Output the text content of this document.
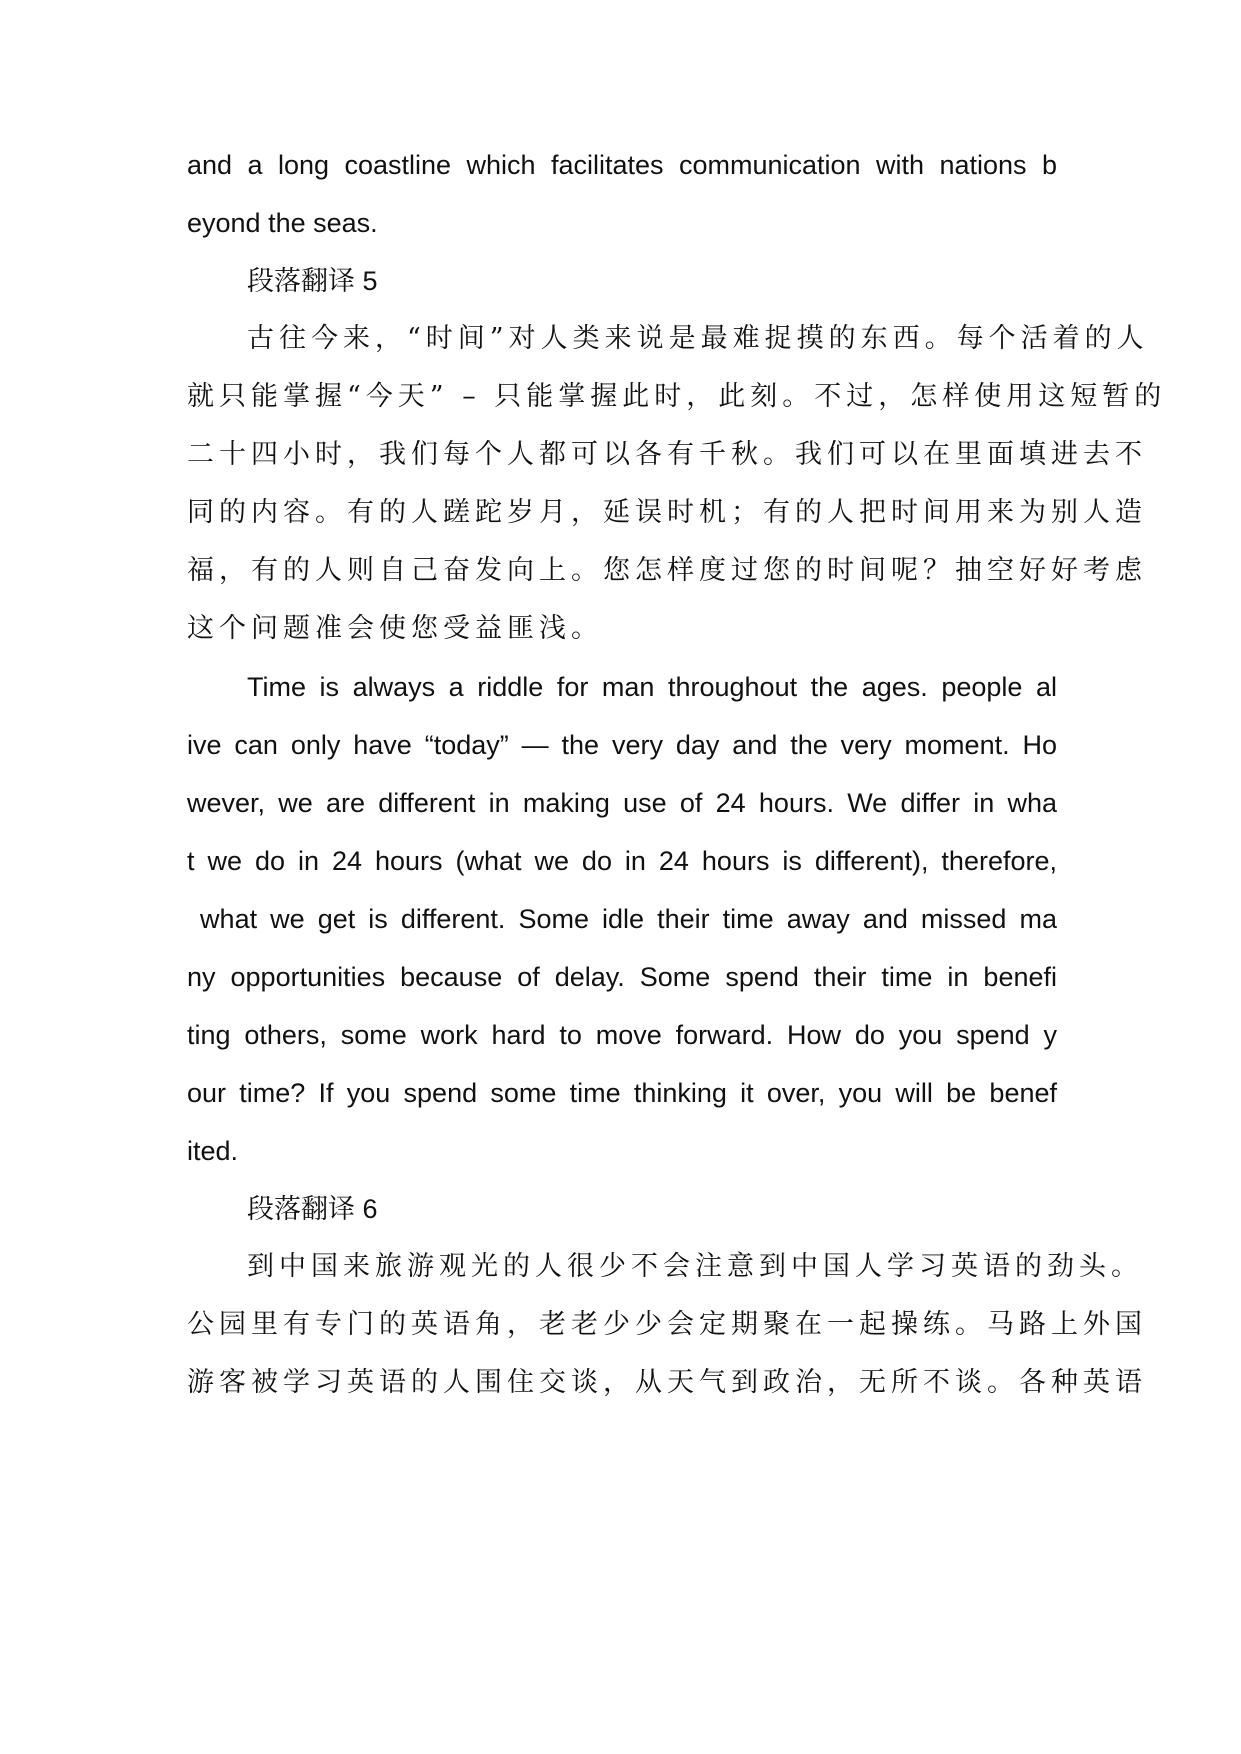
and a long coastline which facilitates communication with nations b
eyond the seas.
段落翻译 5
古往今来，“时间”对人类来说是最难捉摸的东西。每个活着的人
就只能掌握“今天” – 只能掌握此时，此刻。不过，怎样使用这短暂的
二十四小时，我们每个人都可以各有千秋。我们可以在里面填进去不
同的内容。有的人蹉跎岁月，延误时机；有的人把时间用来为别人造
福，有的人则自己奋发向上。您怎样度过您的时间呢？抽空好好考虑
这个问题准会使您受益匪浅。
Time is always a riddle for man throughout the ages. people al
ive can only have “today” — the very day and the very moment. Ho
wever, we are different in making use of 24 hours. We differ in wha
t we do in 24 hours (what we do in 24 hours is different), therefore,
what we get is different. Some idle their time away and missed ma
ny opportunities because of delay. Some spend their time in benefi
ting others, some work hard to move forward. How do you spend y
our time? If you spend some time thinking it over, you will be benef
ited.
段落翻译 6
到中国来旅游观光的人很少不会注意到中国人学习英语的劲头。
公园里有专门的英语角，老老少少会定期聚在一起操练。马路上外国
游客被学习英语的人围住交谈，从天气到政治，无所不谈。各种英语
